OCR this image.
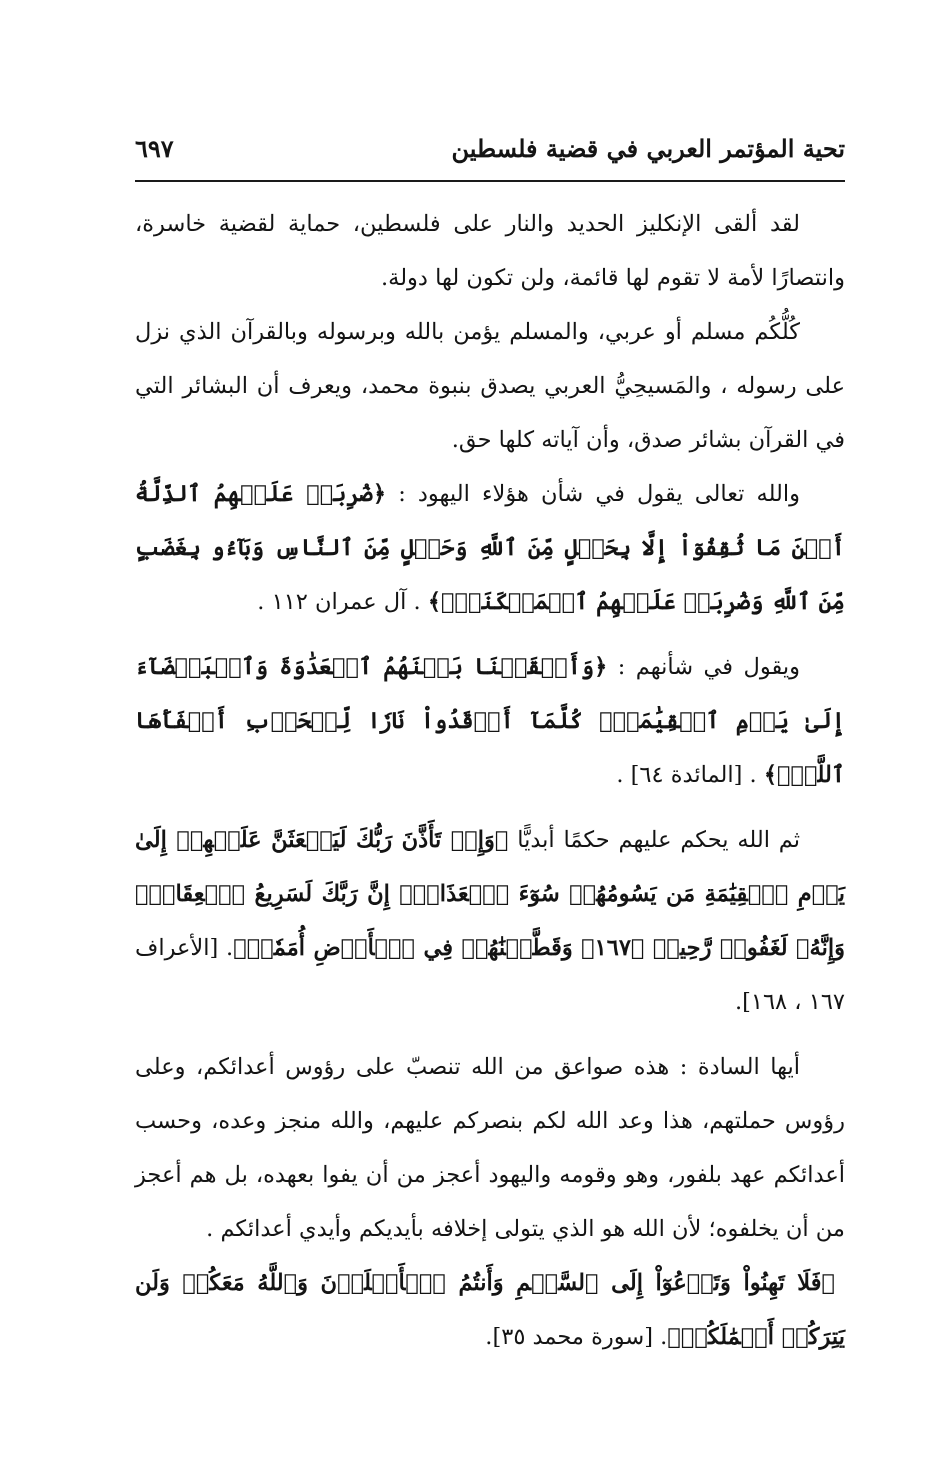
تحية المؤتمر العربي في قضية فلسطين
٦٩٧

لقد ألقى الإنكليز الحديد والنار على فلسطين، حماية لقضية خاسرة، وانتصارًا لأمة لا تقوم لها قائمة، ولن تكون لها دولة.

كُلُّكُم مسلم أو عربي، والمسلم يؤمن بالله وبرسوله وبالقرآن الذي نزل على رسوله ، والمَسيحِيُّ العربي يصدق بنبوة محمد، ويعرف أن البشائر التي في القرآن بشائر صدق، وأن آياته كلها حق.

والله تعالى يقول في شأن هؤلاء اليهود : ﴿ضُرِبَتۡ عَلَيۡهِمُ ٱلذِّلَّةُ أَيۡنَ مَا ثُقِفُوٓاْ إِلَّا بِحَبۡلٍ مِّنَ ٱللَّهِ وَحَبۡلٍ مِّنَ ٱلنَّاسِ وَبَآءُو بِغَضَبٍ مِّنَ ٱللَّهِ وَضُرِبَتۡ عَلَيۡهِمُ ٱلۡمَسۡكَنَةُۚ﴾ . آل عمران ١١٢ .

ويقول في شأنهم : ﴿وَأَلۡقَيۡنَا بَيۡنَهُمُ ٱلۡعَدَٰوَةَ وَٱلۡبَغۡضَآءَ إِلَىٰ يَوۡمِ ٱلۡقِيَٰمَةِۚ كُلَّمَآ أَوۡقَدُواْ نَارٗا لِّلۡحَرۡبِ أَطۡفَأَهَا ٱللَّهُۚ﴾ . [المائدة ٦٤] .

ثم الله يحكم عليهم حكمًا أبديًّا ﴿وَإِذۡ تَأَذَّنَ رَبُّكَ لَيَبۡعَثَنَّ عَلَيۡهِمۡ إِلَىٰ يَوۡمِ ٱلۡقِيَٰمَةِ مَن يَسُومُهُمۡ سُوٓءَ ٱلۡعَذَابِۗ إِنَّ رَبَّكَ لَسَرِيعُ ٱلۡعِقَابِۖ وَإِنَّهُۥ لَغَفُورٞ رَّحِيمٞ ﴿١٦٧﴾ وَقَطَّعۡنَٰهُمۡ فِي ٱلۡأَرۡضِ أُمَمٗاۖ﴾. [الأعراف ١٦٧ ، ١٦٨].

أيها السادة : هذه صواعق من الله تنصبّ على رؤوس أعدائكم، وعلى رؤوس حملتهم، هذا وعد الله لكم بنصركم عليهم، والله منجز وعده، وحسب أعدائكم عهد بلفور، وهو وقومه واليهود أعجز من أن يفوا بعهده، بل هم أعجز من أن يخلفوه؛ لأن الله هو الذي يتولى إخلافه بأيديكم وأيدي أعدائكم .

﴿فَلَا تَهِنُواْ وَتَدۡعُوٓاْ إِلَى ٱلسَّلۡمِ وَأَنتُمُ ٱلۡأَعۡلَوۡنَ وَٱللَّهُ مَعَكُمۡ وَلَن يَتِرَكُمۡ أَعۡمَٰلَكُمۡ﴾. [سورة محمد ٣٥].
